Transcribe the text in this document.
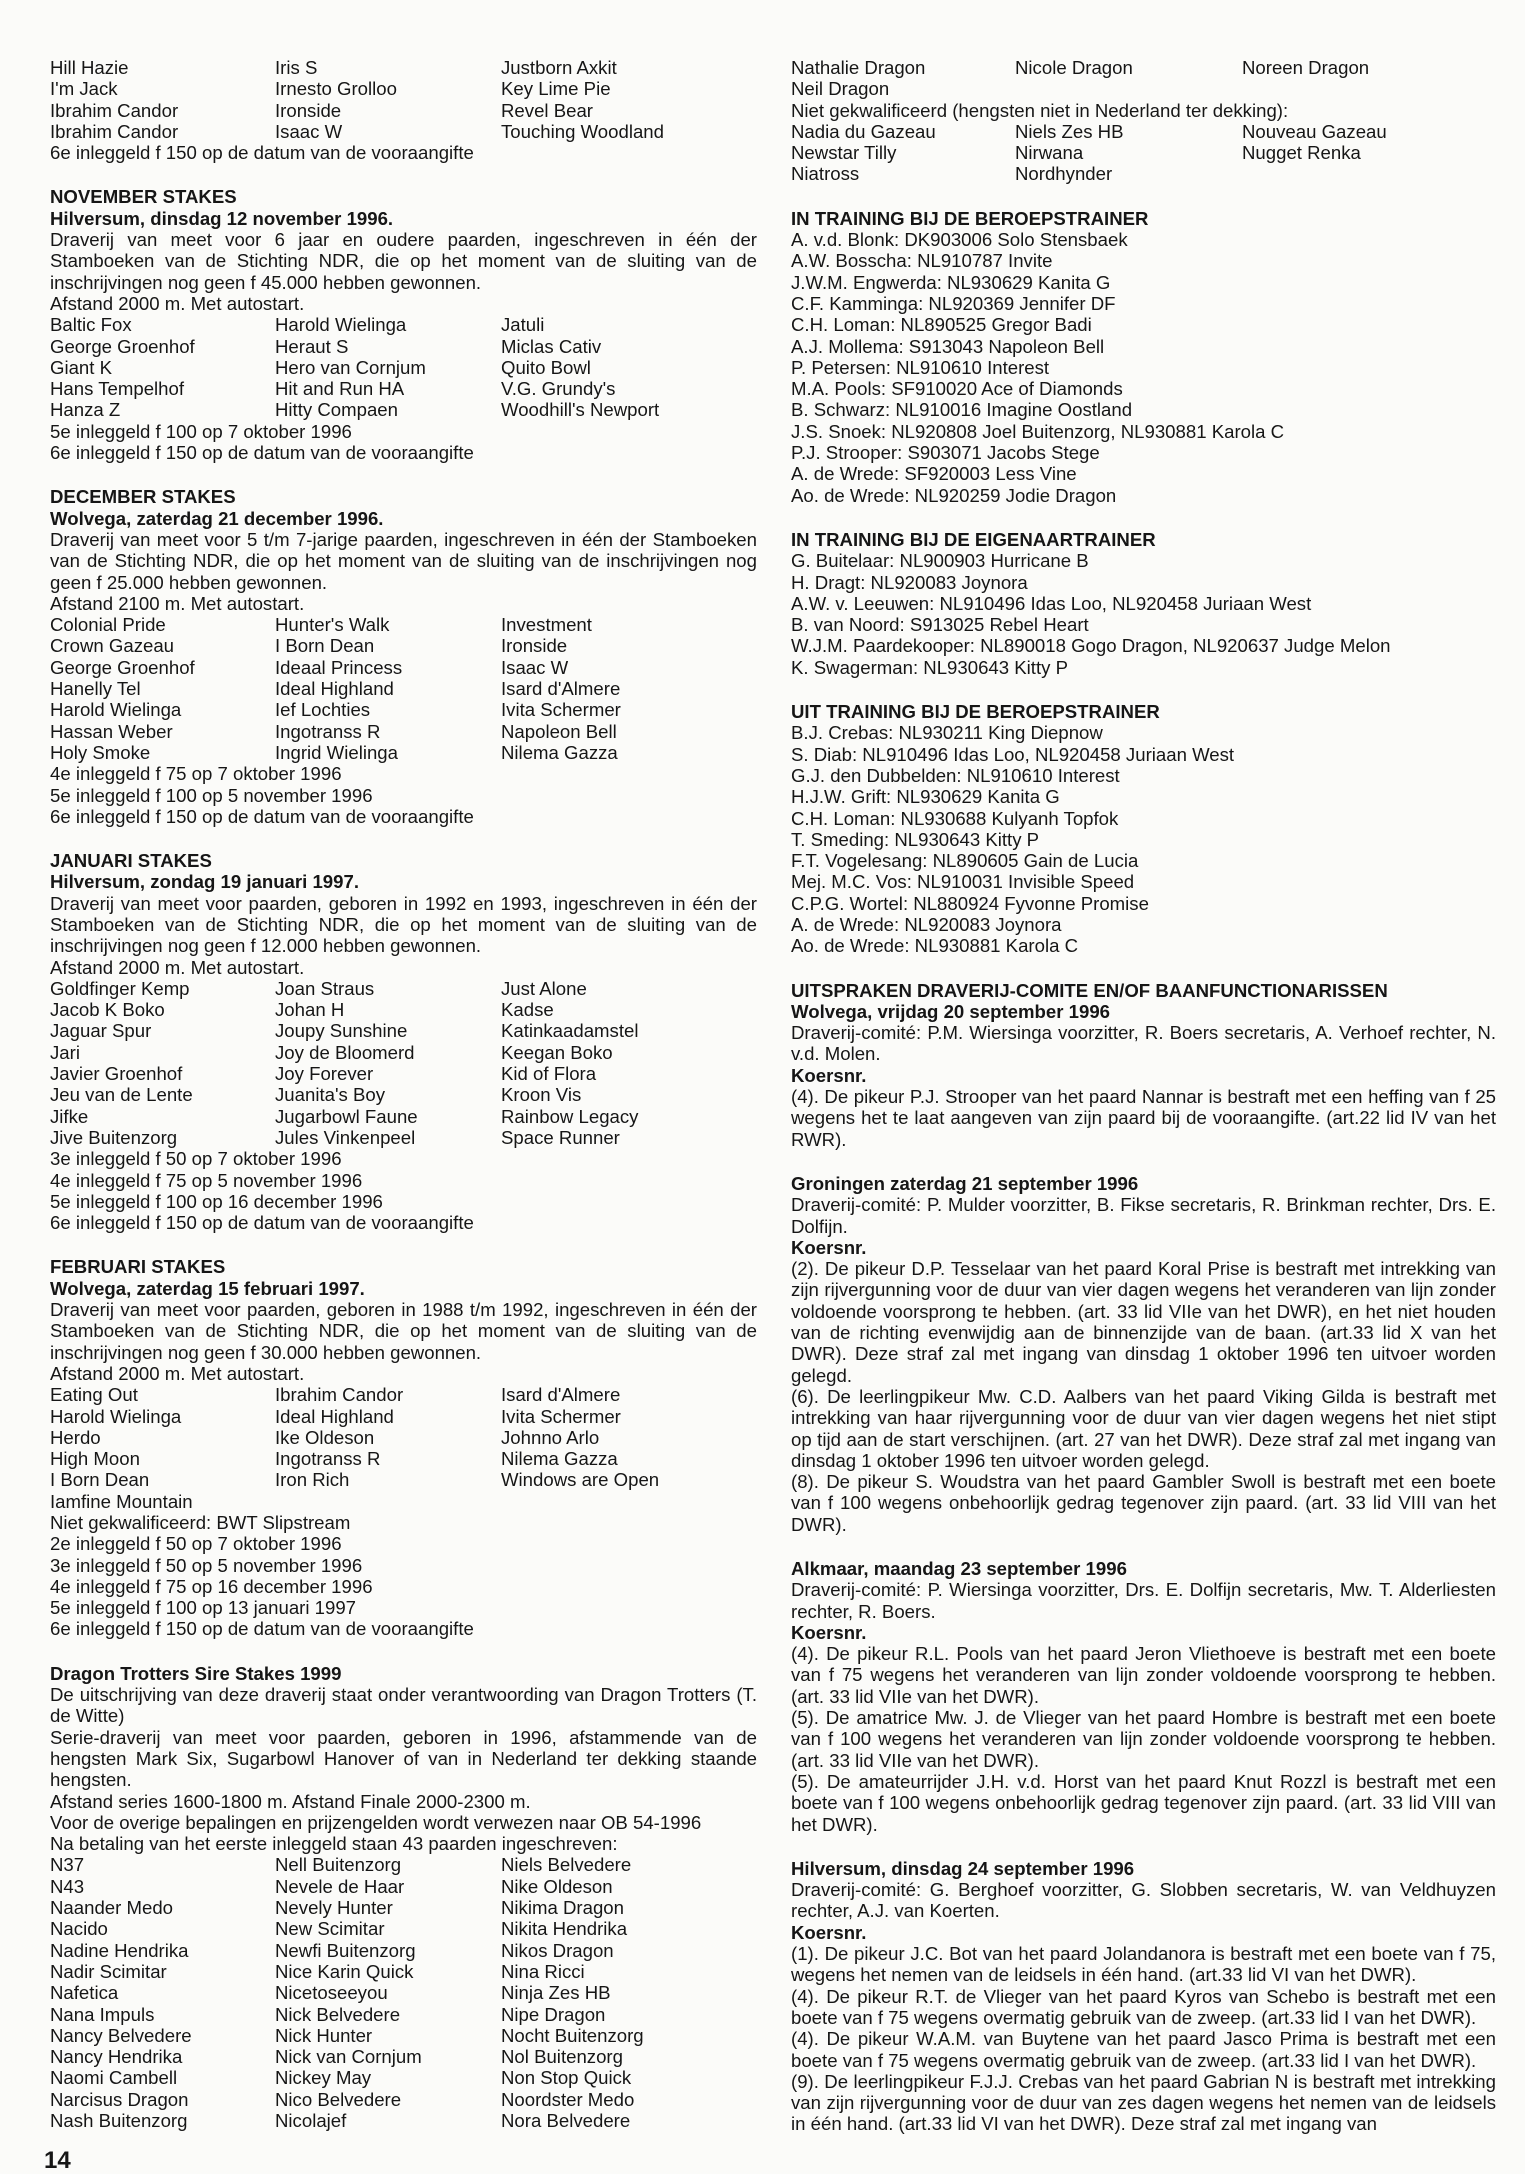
Hill Hazie	Iris S	Justborn Axkit
I'm Jack	Irnesto Grolloo	Key Lime Pie
Ibrahim Candor	Ironside	Revel Bear
Ibrahim Candor	Isaac W	Touching Woodland
6e inleggeld f 150 op de datum van de vooraangifte
NOVEMBER STAKES
Hilversum, dinsdag 12 november 1996.
Draverij van meet voor 6 jaar en oudere paarden, ingeschreven in één der Stamboeken van de Stichting NDR, die op het moment van de sluiting van de inschrijvingen nog geen f 45.000 hebben gewonnen.
Afstand 2000 m. Met autostart.
Baltic Fox	Harold Wielinga	Jatuli
George Groenhof	Heraut S	Miclas Cativ
Giant K	Hero van Cornjum	Quito Bowl
Hans Tempelhof	Hit and Run HA	V.G. Grundy's
Hanza Z	Hitty Compaen	Woodhill's Newport
5e inleggeld f 100 op 7 oktober 1996
6e inleggeld f 150 op de datum van de vooraangifte
DECEMBER STAKES
Wolvega, zaterdag 21 december 1996.
Draverij van meet voor 5 t/m 7-jarige paarden, ingeschreven in één der Stamboeken van de Stichting NDR, die op het moment van de sluiting van de inschrijvingen nog geen f 25.000 hebben gewonnen.
Afstand 2100 m. Met autostart.
Colonial Pride	Hunter's Walk	Investment
Crown Gazeau	I Born Dean	Ironside
George Groenhof	Ideaal Princess	Isaac W
Hanelly Tel	Ideal Highland	Isard d'Almere
Harold Wielinga	Ief Lochties	Ivita Schermer
Hassan Weber	Ingotranss R	Napoleon Bell
Holy Smoke	Ingrid Wielinga	Nilema Gazza
4e inleggeld f 75 op 7 oktober 1996
5e inleggeld f 100 op 5 november 1996
6e inleggeld f 150 op de datum van de vooraangifte
JANUARI STAKES
Hilversum, zondag 19 januari 1997.
Draverij van meet voor paarden, geboren in 1992 en 1993, ingeschreven in één der Stamboeken van de Stichting NDR, die op het moment van de sluiting van de inschrijvingen nog geen f 12.000 hebben gewonnen.
Afstand 2000 m. Met autostart.
Goldfinger Kemp	Joan Straus	Just Alone
Jacob K Boko	Johan H	Kadse
Jaguar Spur	Joupy Sunshine	Katinkaadamstel
Jari	Joy de Bloomerd	Keegan Boko
Javier Groenhof	Joy Forever	Kid of Flora
Jeu van de Lente	Juanita's Boy	Kroon Vis
Jifke	Jugarbowl Faune	Rainbow Legacy
Jive Buitenzorg	Jules Vinkenpeel	Space Runner
3e inleggeld f 50 op 7 oktober 1996
4e inleggeld f 75 op 5 november 1996
5e inleggeld f 100 op 16 december 1996
6e inleggeld f 150 op de datum van de vooraangifte
FEBRUARI STAKES
Wolvega, zaterdag 15 februari 1997.
Draverij van meet voor paarden, geboren in 1988 t/m 1992, ingeschreven in één der Stamboeken van de Stichting NDR, die op het moment van de sluiting van de inschrijvingen nog geen f 30.000 hebben gewonnen.
Afstand 2000 m. Met autostart.
Eating Out	Ibrahim Candor	Isard d'Almere
Harold Wielinga	Ideal Highland	Ivita Schermer
Herdo	Ike Oldeson	Johnno Arlo
High Moon	Ingotranss R	Nilema Gazza
I Born Dean	Iron Rich	Windows are Open
Iamfine Mountain

Niet gekwalificeerd: BWT Slipstream
2e inleggeld f 50 op 7 oktober 1996
3e inleggeld f 50 op 5 november 1996
4e inleggeld f 75 op 16 december 1996
5e inleggeld f 100 op 13 januari 1997
6e inleggeld f 150 op de datum van de vooraangifte
Dragon Trotters Sire Stakes 1999
De uitschrijving van deze draverij staat onder verantwoording van Dragon Trotters (T. de Witte)
Serie-draverij van meet voor paarden, geboren in 1996, afstammende van de hengsten Mark Six, Sugarbowl Hanover of van in Nederland ter dekking staande hengsten.
Afstand series 1600-1800 m. Afstand Finale 2000-2300 m.
Voor de overige bepalingen en prijzengelden wordt verwezen naar OB 54-1996
Na betaling van het eerste inleggeld staan 43 paarden ingeschreven:
N37	Nell Buitenzorg	Niels Belvedere
N43	Nevele de Haar	Nike Oldeson
Naander Medo	Nevely Hunter	Nikima Dragon
Nacido	New Scimitar	Nikita Hendrika
Nadine Hendrika	Newfi Buitenzorg	Nikos Dragon
Nadir Scimitar	Nice Karin Quick	Nina Ricci
Nafetica	Nicetoseeyou	Ninja Zes HB
Nana Impuls	Nick Belvedere	Nipe Dragon
Nancy Belvedere	Nick Hunter	Nocht Buitenzorg
Nancy Hendrika	Nick van Cornjum	Nol Buitenzorg
Naomi Cambell	Nickey May	Non Stop Quick
Narcisus Dragon	Nico Belvedere	Noordster Medo
Nash Buitenzorg	Nicolajef	Nora Belvedere
Nathalie Dragon	Nicole Dragon	Noreen Dragon
Neil Dragon

Niet gekwalificeerd (hengsten niet in Nederland ter dekking):
Nadia du Gazeau	Niels Zes HB	Nouveau Gazeau
Newstar Tilly	Nirwana	Nugget Renka
Niatross	Nordhynder

IN TRAINING BIJ DE BEROEPSTRAINER
A. v.d. Blonk: DK903006 Solo Stensbaek
A.W. Bosscha: NL910787 Invite
J.W.M. Engwerda: NL930629 Kanita G
C.F. Kamminga: NL920369 Jennifer DF
C.H. Loman: NL890525 Gregor Badi
A.J. Mollema: S913043 Napoleon Bell
P. Petersen: NL910610 Interest
M.A. Pools: SF910020 Ace of Diamonds
B. Schwarz: NL910016 Imagine Oostland
J.S. Snoek: NL920808 Joel Buitenzorg, NL930881 Karola C
P.J. Strooper: S903071 Jacobs Stege
A. de Wrede: SF920003 Less Vine
Ao. de Wrede: NL920259 Jodie Dragon
IN TRAINING BIJ DE EIGENAARTRAINER
G. Buitelaar: NL900903 Hurricane B
H. Dragt: NL920083 Joynora
A.W. v. Leeuwen: NL910496 Idas Loo, NL920458 Juriaan West
B. van Noord: S913025 Rebel Heart
W.J.M. Paardekooper: NL890018 Gogo Dragon, NL920637 Judge Melon
K. Swagerman: NL930643 Kitty P
UIT TRAINING BIJ DE BEROEPSTRAINER
B.J. Crebas: NL930211 King Diepnow
S. Diab: NL910496 Idas Loo, NL920458 Juriaan West
G.J. den Dubbelden: NL910610 Interest
H.J.W. Grift: NL930629 Kanita G
C.H. Loman: NL930688 Kulyanh Topfok
T. Smeding: NL930643 Kitty P
F.T. Vogelesang: NL890605 Gain de Lucia
Mej. M.C. Vos: NL910031 Invisible Speed
C.P.G. Wortel: NL880924 Fyvonne Promise
A. de Wrede: NL920083 Joynora
Ao. de Wrede: NL930881 Karola C
UITSPRAKEN DRAVERIJ-COMITE EN/OF BAANFUNCTIONARISSEN
Wolvega, vrijdag 20 september 1996
Draverij-comité: P.M. Wiersinga voorzitter, R. Boers secretaris, A. Verhoef rechter, N. v.d. Molen.
Koersnr.
(4). De pikeur P.J. Strooper van het paard Nannar is bestraft met een heffing van f 25 wegens het te laat aangeven van zijn paard bij de vooraangifte. (art.22 lid IV van het RWR).
Groningen zaterdag 21 september 1996
Draverij-comité: P. Mulder voorzitter, B. Fikse secretaris, R. Brinkman rechter, Drs. E. Dolfijn.
Koersnr.
(2). De pikeur D.P. Tesselaar van het paard Koral Prise is bestraft met intrekking van zijn rijvergunning voor de duur van vier dagen wegens het veranderen van lijn zonder voldoende voorsprong te hebben. (art. 33 lid VIIe van het DWR), en het niet houden van de richting evenwijdig aan de binnenzijde van de baan. (art.33 lid X van het DWR). Deze straf zal met ingang van dinsdag 1 oktober 1996 ten uitvoer worden gelegd.
(6). De leerlingpikeur Mw. C.D. Aalbers van het paard Viking Gilda is bestraft met intrekking van haar rijvergunning voor de duur van vier dagen wegens het niet stipt op tijd aan de start verschijnen. (art. 27 van het DWR). Deze straf zal met ingang van dinsdag 1 oktober 1996 ten uitvoer worden gelegd.
(8). De pikeur S. Woudstra van het paard Gambler Swoll is bestraft met een boete van f 100 wegens onbehoorlijk gedrag tegenover zijn paard. (art. 33 lid VIII van het DWR).
Alkmaar, maandag 23 september 1996
Draverij-comité: P. Wiersinga voorzitter, Drs. E. Dolfijn secretaris, Mw. T. Alderliesten rechter, R. Boers.
Koersnr.
(4). De pikeur R.L. Pools van het paard Jeron Vliethoeve is bestraft met een boete van f 75 wegens het veranderen van lijn zonder voldoende voorsprong te hebben. (art. 33 lid VIIe van het DWR).
(5). De amatrice Mw. J. de Vlieger van het paard Hombre is bestraft met een boete van f 100 wegens het veranderen van lijn zonder voldoende voorsprong te hebben. (art. 33 lid VIIe van het DWR).
(5). De amateurrijder J.H. v.d. Horst van het paard Knut Rozzl is bestraft met een boete van f 100 wegens onbehoorlijk gedrag tegenover zijn paard. (art. 33 lid VIII van het DWR).
Hilversum, dinsdag 24 september 1996
Draverij-comité: G. Berghoef voorzitter, G. Slobben secretaris, W. van Veldhuyzen rechter, A.J. van Koerten.
Koersnr.
(1). De pikeur J.C. Bot van het paard Jolandanora is bestraft met een boete van f 75, wegens het nemen van de leidsels in één hand. (art.33 lid VI van het DWR).
(4). De pikeur R.T. de Vlieger van het paard Kyros van Schebo is bestraft met een boete van f 75 wegens overmatig gebruik van de zweep. (art.33 lid I van het DWR).
(4). De pikeur W.A.M. van Buytene van het paard Jasco Prima is bestraft met een boete van f 75 wegens overmatig gebruik van de zweep. (art.33 lid I van het DWR).
(9). De leerlingpikeur F.J.J. Crebas van het paard Gabrian N is bestraft met intrekking van zijn rijvergunning voor de duur van zes dagen wegens het nemen van de leidsels in één hand. (art.33 lid VI van het DWR). Deze straf zal met ingang van
14
